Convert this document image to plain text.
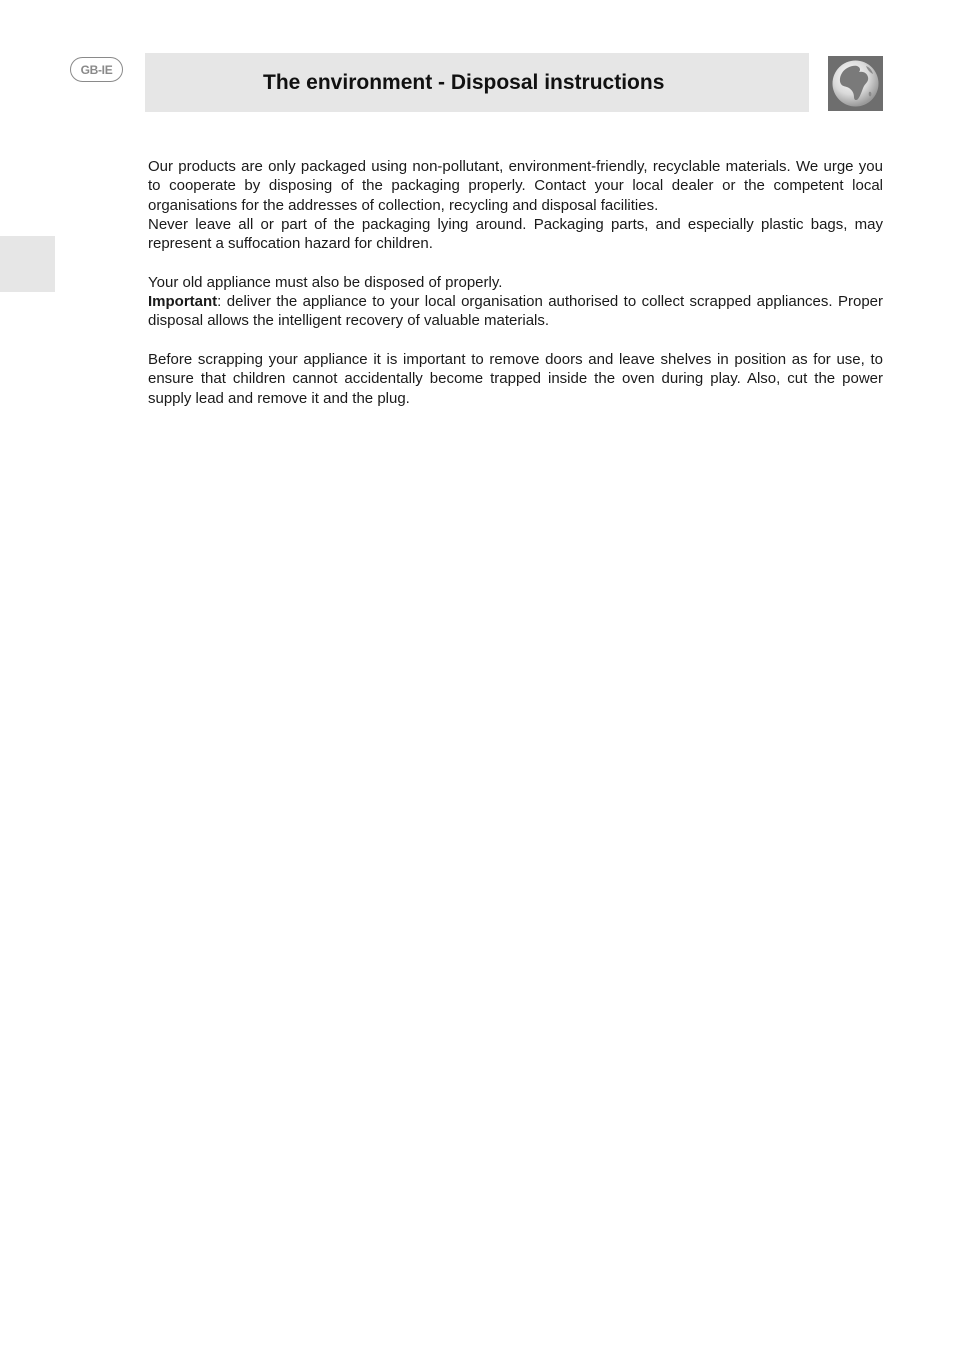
GB-IE
The environment - Disposal instructions

Our products are only packaged using non-pollutant, environment-friendly, recyclable materials. We urge you to cooperate by disposing of the packaging properly. Contact your local dealer or the competent local organisations for the addresses of collection, recycling and disposal facilities.

Never leave all or part of the packaging lying around. Packaging parts, and especially plastic bags, may represent a suffocation hazard for children.

Your old appliance must also be disposed of properly.

Important: deliver the appliance to your local organisation authorised to collect scrapped appliances. Proper disposal allows the intelligent recovery of valuable materials.

Before scrapping your appliance it is important to remove doors and leave shelves in position as for use, to ensure that children cannot accidentally become trapped inside the oven during play. Also, cut the power supply lead and remove it and the plug.
